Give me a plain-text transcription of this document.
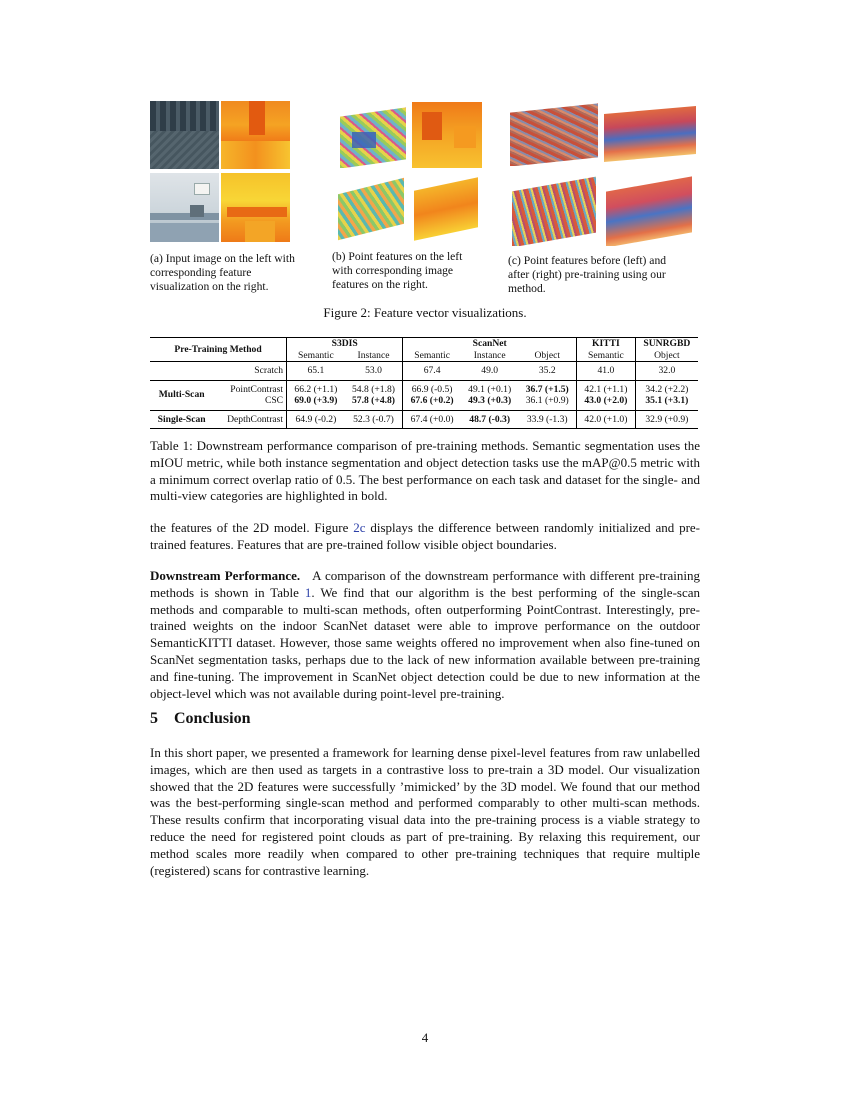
(a) Input image on the left with corresponding feature visualization on the right.
(b) Point features on the left with corresponding image features on the right.
(c) Point features before (left) and after (right) pre-training using our method.
Figure 2: Feature vector visualizations.
Pre-Training Method		S3DIS		ScanNet			KITTI	SUNRGBD
		Semantic	Instance	Semantic	Instance	Object	Semantic	Object
	Scratch	65.1	53.0	67.4	49.0	35.2	41.0	32.0
Multi-Scan	PointContrast	66.2 (+1.1)	54.8 (+1.8)	66.9 (-0.5)	49.1 (+0.1)	36.7 (+1.5)	42.1 (+1.1)	34.2 (+2.2)
	CSC	69.0 (+3.9)	57.8 (+4.8)	67.6 (+0.2)	49.3 (+0.3)	36.1 (+0.9)	43.0 (+2.0)	35.1 (+3.1)
Single-Scan	DepthContrast	64.9 (-0.2)	52.3 (-0.7)	67.4 (+0.0)	48.7 (-0.3)	33.9 (-1.3)	42.0 (+1.0)	32.9 (+0.9)
Table 1: Downstream performance comparison of pre-training methods. Semantic segmentation uses the mIOU metric, while both instance segmentation and object detection tasks use the mAP@0.5 metric with a minimum correct overlap ratio of 0.5. The best performance on each task and dataset for the single- and multi-view categories are highlighted in bold.
the features of the 2D model. Figure 2c displays the difference between randomly initialized and pre-trained features. Features that are pre-trained follow visible object boundaries.
Downstream Performance. A comparison of the downstream performance with different pre-training methods is shown in Table 1. We find that our algorithm is the best performing of the single-scan methods and comparable to multi-scan methods, often outperforming PointContrast. Interestingly, pre-trained weights on the indoor ScanNet dataset were able to improve performance on the outdoor SemanticKITTI dataset. However, those same weights offered no improvement when also fine-tuned on ScanNet segmentation tasks, perhaps due to the lack of new information available between pre-training and fine-tuning. The improvement in ScanNet object detection could be due to new information at the object-level which was not available during point-level pre-training.
5 Conclusion
In this short paper, we presented a framework for learning dense pixel-level features from raw unlabelled images, which are then used as targets in a contrastive loss to pre-train a 3D model. Our visualization showed that the 2D features were successfully ’mimicked’ by the 3D model. We found that our method was the best-performing single-scan method and performed comparably to other multi-scan methods. These results confirm that incorporating visual data into the pre-training process is a viable strategy to reduce the need for registered point clouds as part of pre-training. By relaxing this requirement, our method scales more readily when compared to other pre-training techniques that require multiple (registered) scans for contrastive learning.
4
